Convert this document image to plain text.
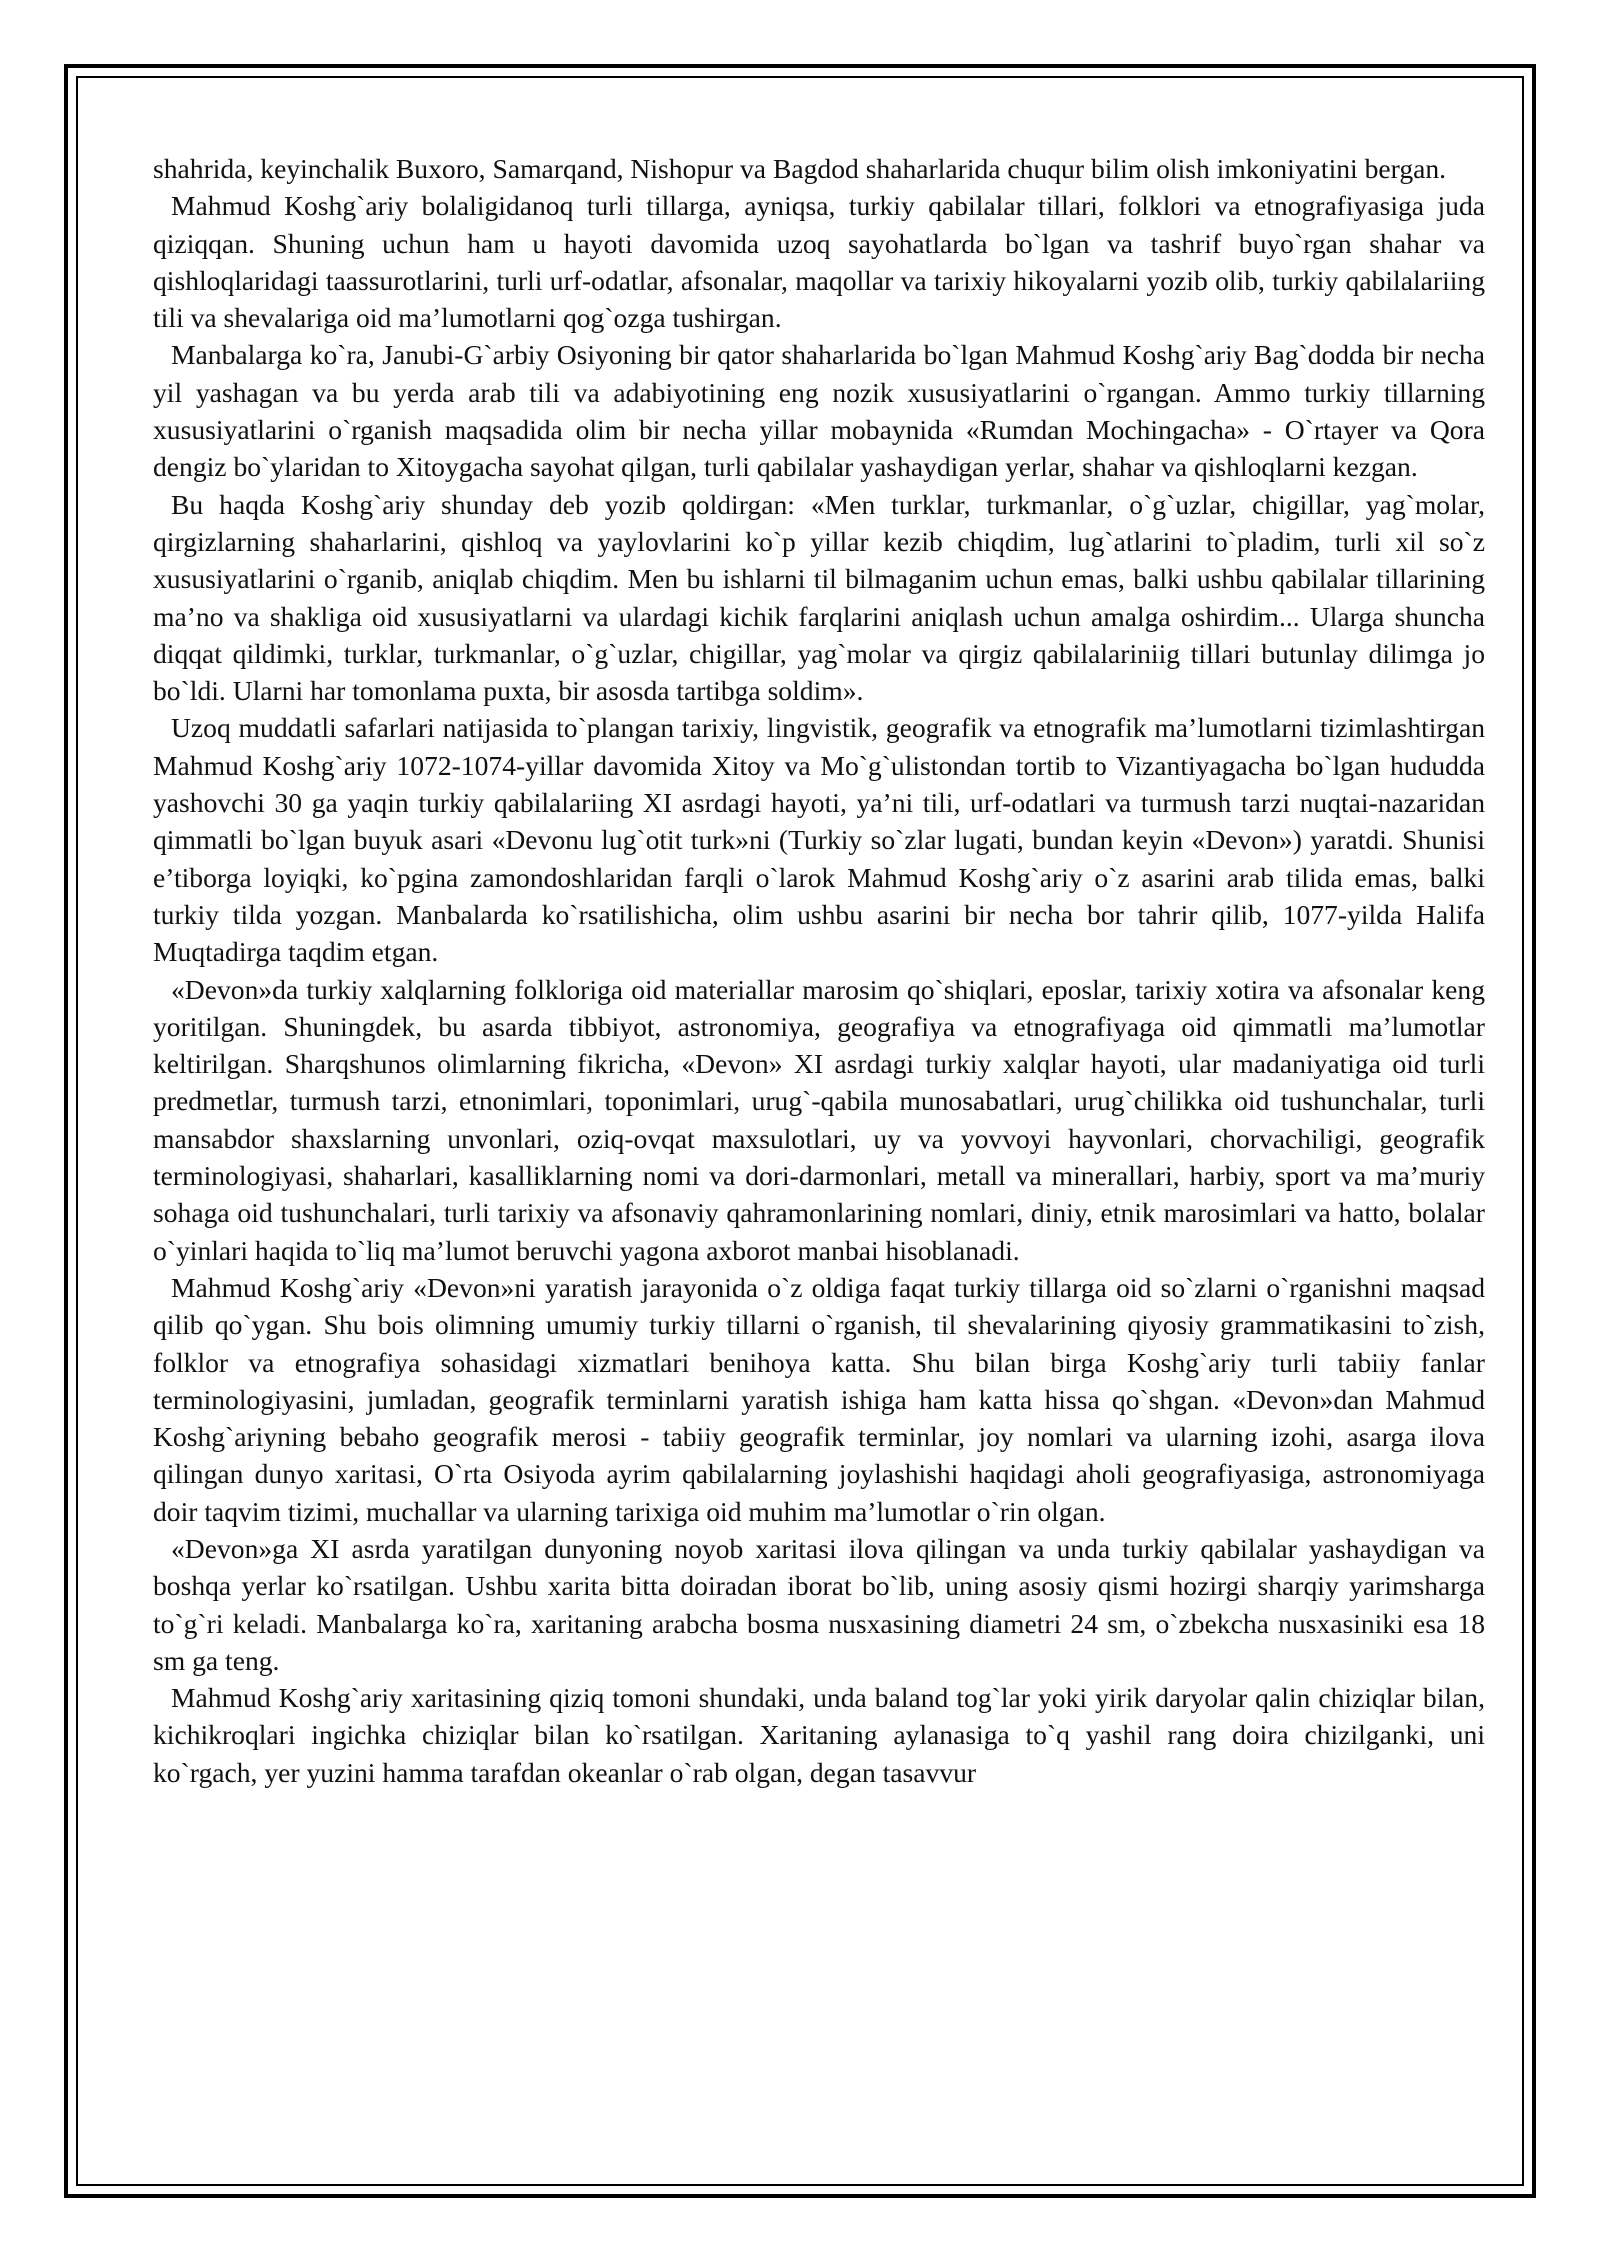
shahrida, keyinchalik Buxoro, Samarqand, Nishopur va Bagdod shaharlarida chuqur bilim olish imkoniyatini bergan.

Mahmud Koshg`ariy bolaligidanoq turli tillarga, ayniqsa, turkiy qabilalar tillari, folklori va etnografiyasiga juda qiziqqan. Shuning uchun ham u hayoti davomida uzoq sayohatlarda bo`lgan va tashrif buyo`rgan shahar va qishloqlaridagi taassurotlarini, turli urf-odatlar, afsonalar, maqollar va tarixiy hikoyalarni yozib olib, turkiy qabilalariing tili va shevalariga oid ma’lumotlarni qog`ozga tushirgan.

Manbalarga ko`ra, Janubi-G`arbiy Osiyoning bir qator shaharlarida bo`lgan Mahmud Koshg`ariy Bag`dodda bir necha yil yashagan va bu yerda arab tili va adabiyotining eng nozik xususiyatlarini o`rgangan. Ammo turkiy tillarning xususiyatlarini o`rganish maqsadida olim bir necha yillar mobaynida «Rumdan Mochingacha» - O`rtayer va Qora dengiz bo`ylaridan to Xitoygacha sayohat qilgan, turli qabilalar yashaydigan yerlar, shahar va qishloqlarni kezgan.

Bu haqda Koshg`ariy shunday deb yozib qoldirgan: «Men turklar, turkmanlar, o`g`uzlar, chigillar, yag`molar, qirgizlarning shaharlarini, qishloq va yaylovlarini ko`p yillar kezib chiqdim, lug`atlarini to`pladim, turli xil so`z xususiyatlarini o`rganib, aniqlab chiqdim. Men bu ishlarni til bilmaganim uchun emas, balki ushbu qabilalar tillarining ma’no va shakliga oid xususiyatlarni va ulardagi kichik farqlarini aniqlash uchun amalga oshirdim... Ularga shuncha diqqat qildimki, turklar, turkmanlar, o`g`uzlar, chigillar, yag`molar va qirgiz qabilalariniig tillari butunlay dilimga jo bo`ldi. Ularni har tomonlama puxta, bir asosda tartibga soldim».

Uzoq muddatli safarlari natijasida to`plangan tarixiy, lingvistik, geografik va etnografik ma’lumotlarni tizimlashtirgan Mahmud Koshg`ariy 1072-1074-yillar davomida Xitoy va Mo`g`ulistondan tortib to Vizantiyagacha bo`lgan hududda yashovchi 30 ga yaqin turkiy qabilalariing XI asrdagi hayoti, ya’ni tili, urf-odatlari va turmush tarzi nuqtai-nazaridan qimmatli bo`lgan buyuk asari «Devonu lug`otit turk»ni (Turkiy so`zlar lugati, bundan keyin «Devon») yaratdi. Shunisi e’tiborga loyiqki, ko`pgina zamondoshlaridan farqli o`larok Mahmud Koshg`ariy o`z asarini arab tilida emas, balki turkiy tilda yozgan. Manbalarda ko`rsatilishicha, olim ushbu asarini bir necha bor tahrir qilib, 1077-yilda Halifa Muqtadirga taqdim etgan.

«Devon»da turkiy xalqlarning folkloriga oid materiallar marosim qo`shiqlari, eposlar, tarixiy xotira va afsonalar keng yoritilgan. Shuningdek, bu asarda tibbiyot, astronomiya, geografiya va etnografiyaga oid qimmatli ma’lumotlar keltirilgan. Sharqshunos olimlarning fikricha, «Devon» XI asrdagi turkiy xalqlar hayoti, ular madaniyatiga oid turli predmetlar, turmush tarzi, etnonimlari, toponimlari, urug`-qabila munosabatlari, urug`chilikka oid tushunchalar, turli mansabdor shaxslarning unvonlari, oziq-ovqat maxsulotlari, uy va yovvoyi hayvonlari, chorvachiligi, geografik terminologiyasi, shaharlari, kasalliklarning nomi va dori-darmonlari, metall va minerallari, harbiy, sport va ma’muriy sohaga oid tushunchalari, turli tarixiy va afsonaviy qahramonlarining nomlari, diniy, etnik marosimlari va hatto, bolalar o`yinlari haqida to`liq ma’lumot beruvchi yagona axborot manbai hisoblanadi.

Mahmud Koshg`ariy «Devon»ni yaratish jarayonida o`z oldiga faqat turkiy tillarga oid so`zlarni o`rganishni maqsad qilib qo`ygan. Shu bois olimning umumiy turkiy tillarni o`rganish, til shevalarining qiyosiy grammatikasini to`zish, folklor va etnografiya sohasidagi xizmatlari benihoya katta. Shu bilan birga Koshg`ariy turli tabiiy fanlar terminologiyasini, jumladan, geografik terminlarni yaratish ishiga ham katta hissa qo`shgan. «Devon»dan Mahmud Koshg`ariyning bebaho geografik merosi - tabiiy geografik terminlar, joy nomlari va ularning izohi, asarga ilova qilingan dunyo xaritasi, O`rta Osiyoda ayrim qabilalarning joylashishi haqidagi aholi geografiyasiga, astronomiyaga doir taqvim tizimi, muchallar va ularning tarixiga oid muhim ma’lumotlar o`rin olgan.

«Devon»ga XI asrda yaratilgan dunyoning noyob xaritasi ilova qilingan va unda turkiy qabilalar yashaydigan va boshqa yerlar ko`rsatilgan. Ushbu xarita bitta doiradan iborat bo`lib, uning asosiy qismi hozirgi sharqiy yarimsharga to`g`ri keladi. Manbalarga ko`ra, xaritaning arabcha bosma nusxasining diametri 24 sm, o`zbekcha nusxasiniki esa 18 sm ga teng.

Mahmud Koshg`ariy xaritasining qiziq tomoni shundaki, unda baland tog`lar yoki yirik daryolar qalin chiziqlar bilan, kichikroqlari ingichka chiziqlar bilan ko`rsatilgan. Xaritaning aylanasiga to`q yashil rang doira chizilganki, uni ko`rgach, yer yuzini hamma tarafdan okeanlar o`rab olgan, degan tasavvur
